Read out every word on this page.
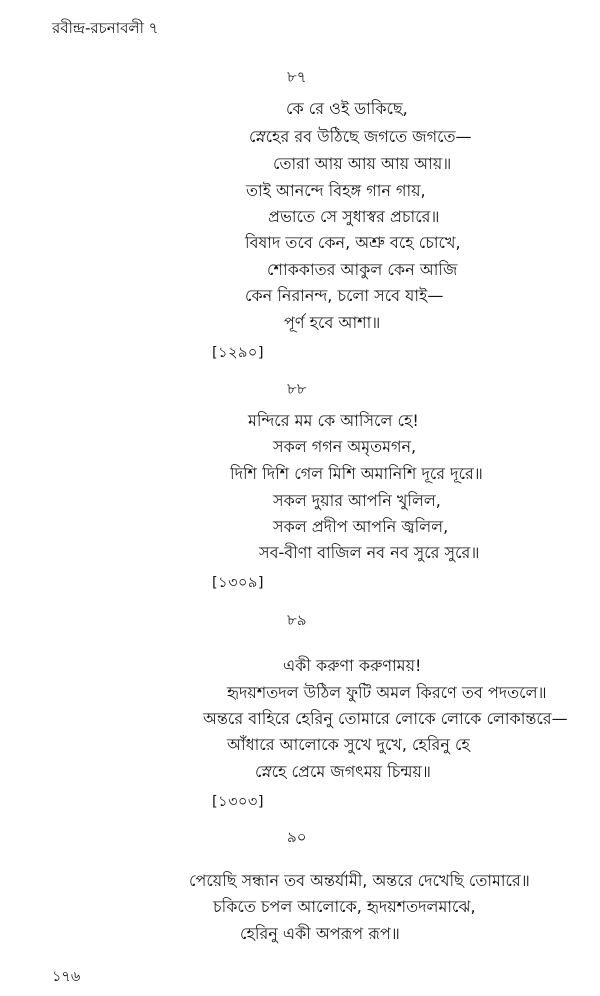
রবীন্দ্র-রচনাবলী ৭
৮৭
কে রে ওই ডাকিছে,
স্নেহের রব উঠিছে জগতে জগতে—
তোরা আয় আয় আয় আয়॥
তাই আনন্দে বিহঙ্গ গান গায়,
প্রভাতে সে সুধাস্বর প্রচারে॥
বিষাদ তবে কেন, অশ্রু বহে চোখে,
শোককাতর আকুল কেন আজি
কেন নিরানন্দ, চলো সবে যাই—
পূর্ণ হবে আশা॥
[১২৯০]
৮৮
মন্দিরে মম কে আসিলে হে!
সকল গগন অমৃতমগন,
দিশি দিশি গেল মিশি অমানিশি দূরে দূরে॥
সকল দুয়ার আপনি খুলিল,
সকল প্রদীপ আপনি জ্বলিল,
সব-বীণা বাজিল নব নব সুরে সুরে॥
[১৩০৯]
৮৯
একী করুণা করুণাময়!
হৃদয়শতদল উঠিল ফুটি অমল কিরণে তব পদতলে॥
অন্তরে বাহিরে হেরিনু তোমারে লোকে লোকে লোকান্তরে—
আঁধারে আলোকে সুখে দুখে, হেরিনু হে
স্নেহে প্রেমে জগৎময় চিন্ময়॥
[১৩০৩]
৯০
পেয়েছি সন্ধান তব অন্তর্যামী, অন্তরে দেখেছি তোমারে॥
চকিতে চপল আলোকে, হৃদয়শতদলমাঝে,
হেরিনু একী অপরূপ রূপ॥
১৭৬
